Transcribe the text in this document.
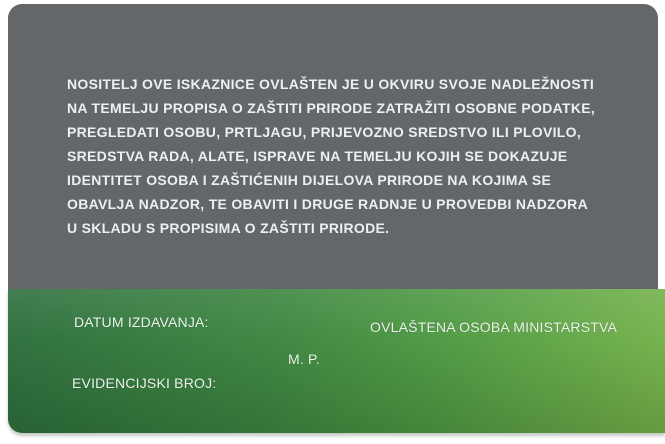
NOSITELJ OVE ISKAZNICE OVLAŠTEN JE U OKVIRU SVOJE NADLEŽNOSTI
NA TEMELJU PROPISA O ZAŠTITI PRIRODE ZATRAŽITI OSOBNE PODATKE,
PREGLEDATI OSOBU, PRTLJAGU, PRIJEVOZNO SREDSTVO ILI PLOVILO,
SREDSTVA RADA, ALATE, ISPRAVE NA TEMELJU KOJIH SE DOKAZUJE
IDENTITET OSOBA I ZAŠTIĆENIH DIJELOVA PRIRODE NA KOJIMA SE
OBAVLJA NADZOR, TE OBAVITI I DRUGE RADNJE U PROVEDBI NADZORA
U SKLADU S PROPISIMA O ZAŠTITI PRIRODE.
DATUM IZDAVANJA:	OVLAŠTENA OSOBA MINISTARSTVA
M. P.
EVIDENCIJSKI BROJ:
